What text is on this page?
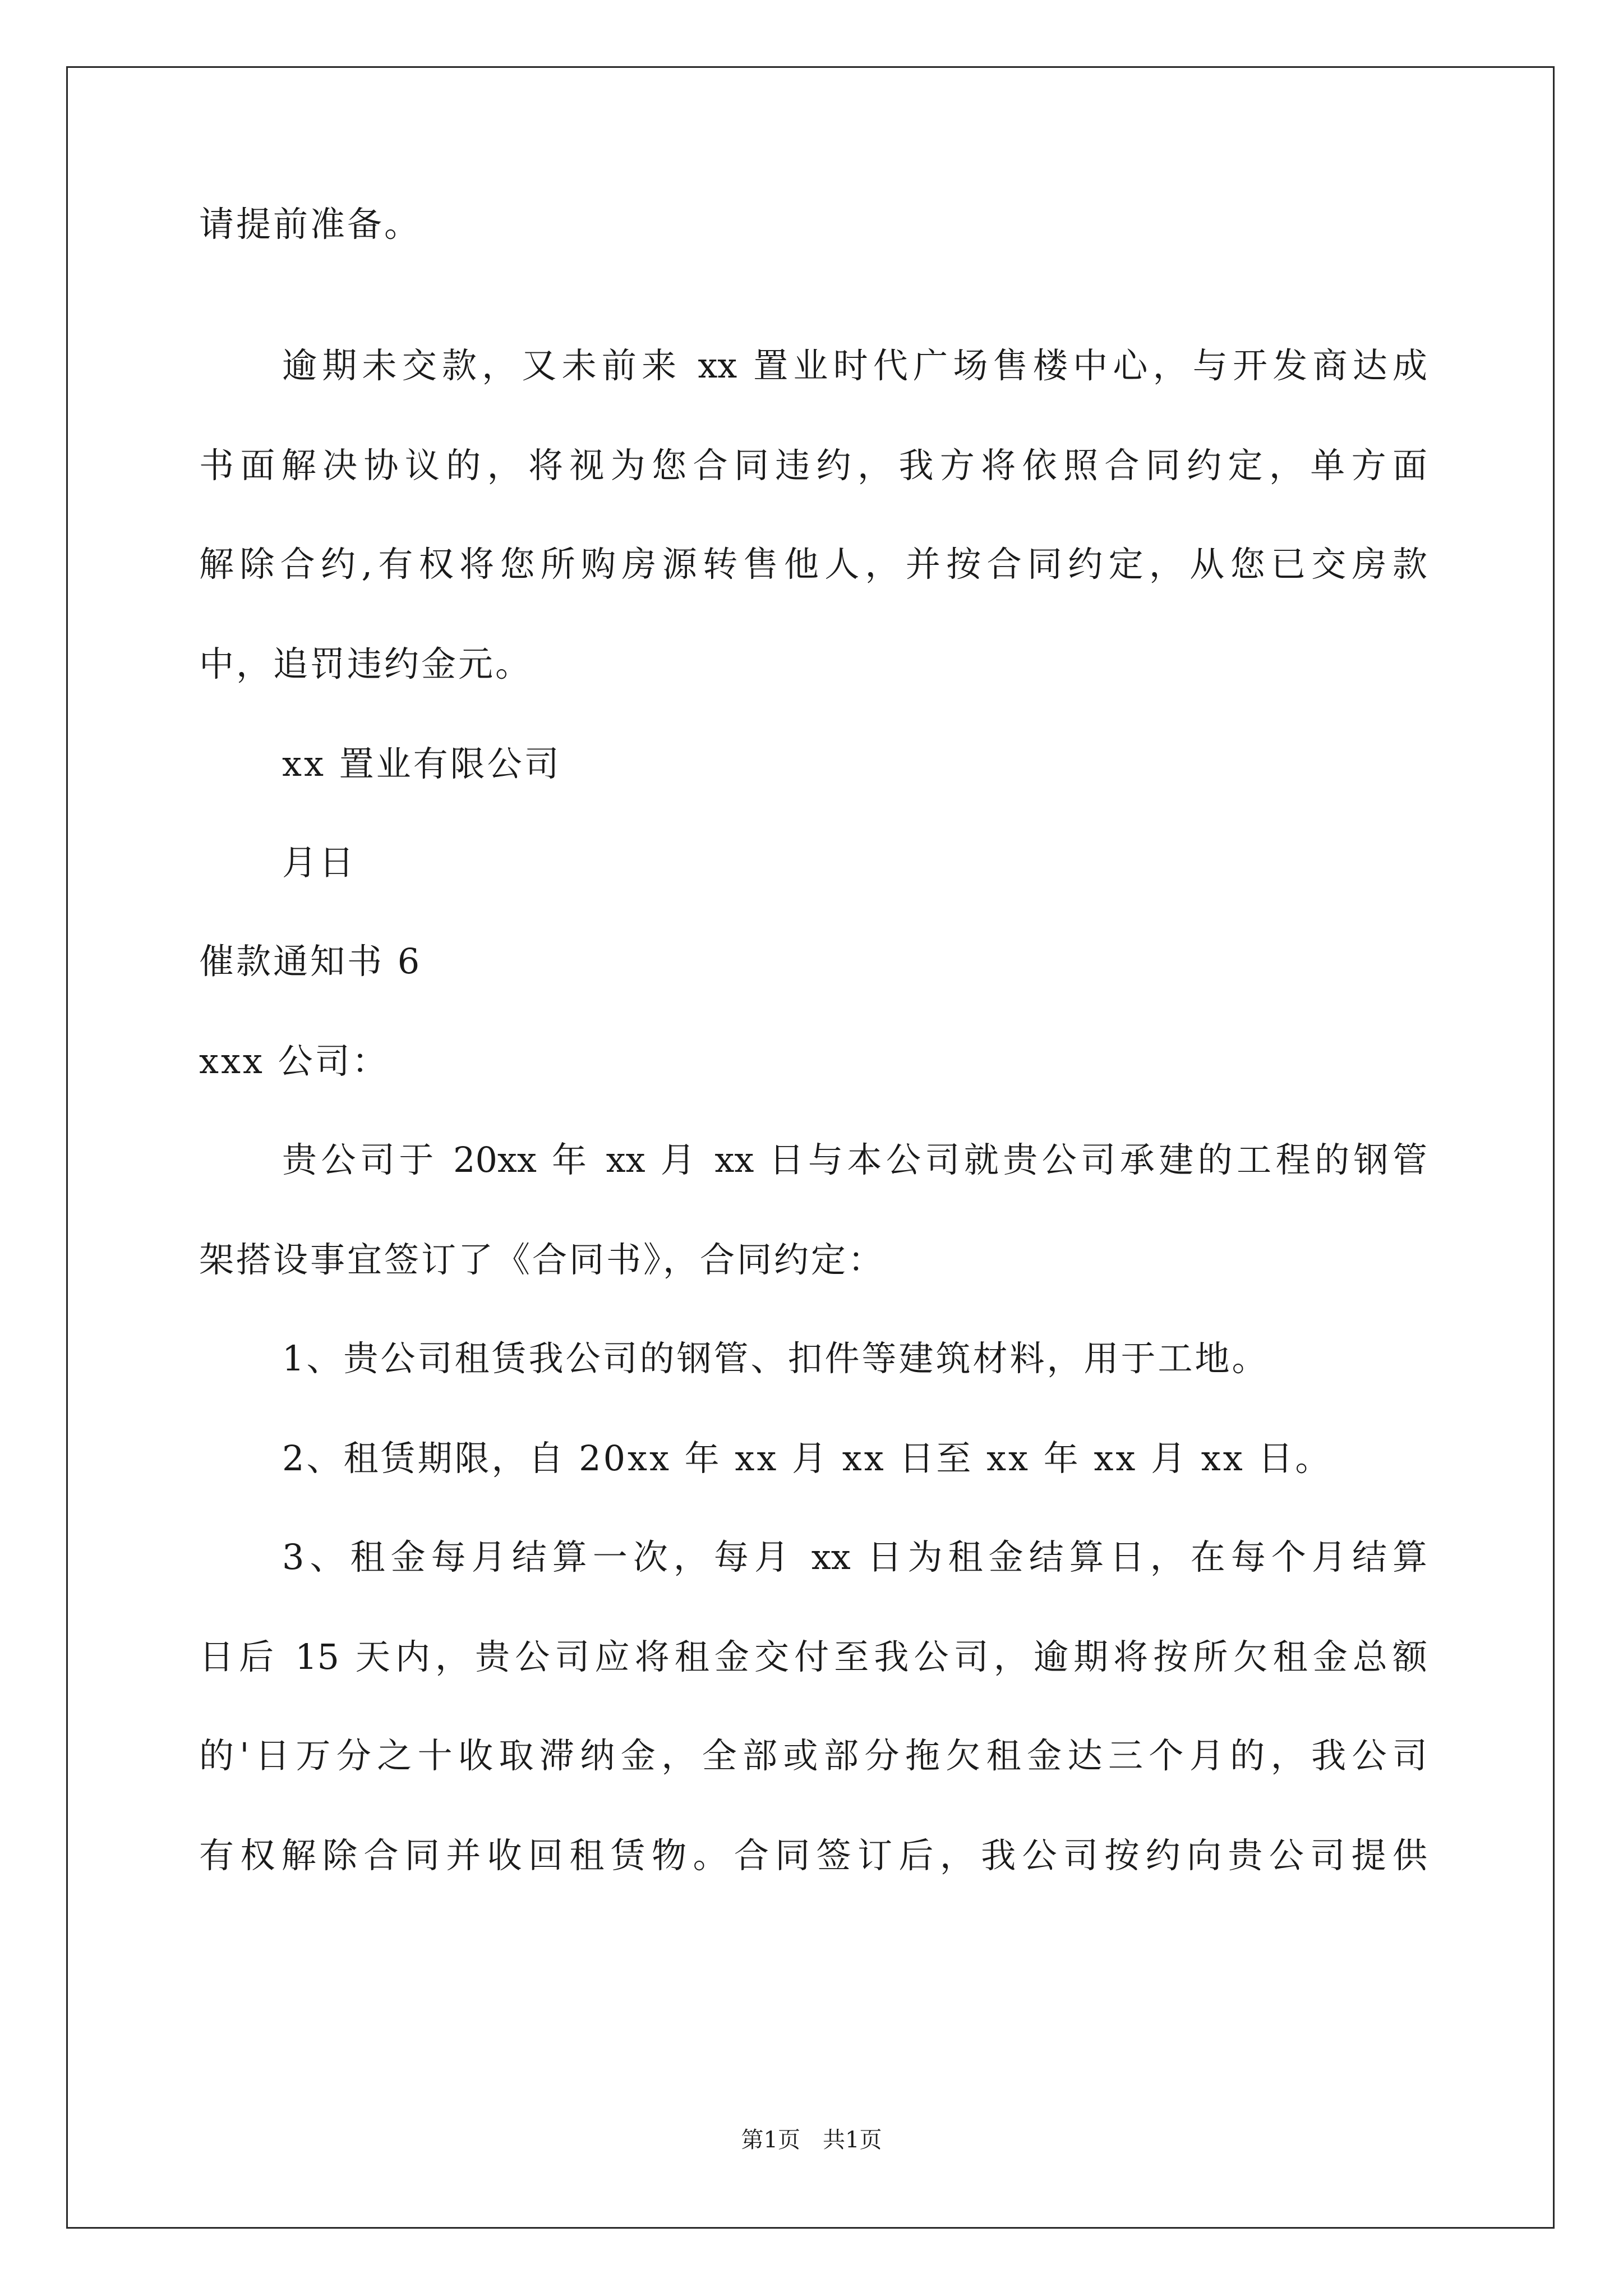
请提前准备。
逾期未交款，又未前来 xx 置业时代广场售楼中心，与开发商达成
书面解决协议的，将视为您合同违约，我方将依照合同约定，单方面
解除合约,有权将您所购房源转售他人，并按合同约定，从您已交房款
中，追罚违约金元。
xx 置业有限公司
月日
催款通知书 6
xxx 公司：
贵公司于 20xx 年 xx 月 xx 日与本公司就贵公司承建的工程的钢管
架搭设事宜签订了《合同书》，合同约定：
1、贵公司租赁我公司的钢管、扣件等建筑材料，用于工地。
2、租赁期限，自 20xx 年 xx 月 xx 日至 xx 年 xx 月 xx 日。
3、租金每月结算一次，每月 xx 日为租金结算日，在每个月结算
日后 15 天内，贵公司应将租金交付至我公司，逾期将按所欠租金总额
的'日万分之十收取滞纳金，全部或部分拖欠租金达三个月的，我公司
有权解除合同并收回租赁物。合同签订后，我公司按约向贵公司提供
第1页　共1页
